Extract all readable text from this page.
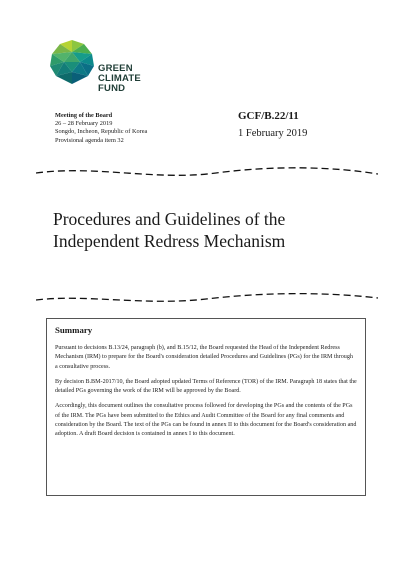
GREEN
CLIMATE
FUND
Meeting of the Board
26 – 28 February 2019
Songdo, Incheon, Republic of Korea
Provisional agenda item 32
GCF/B.22/11
1 February 2019
Procedures and Guidelines of the
Independent Redress Mechanism
Summary

Pursuant to decisions B.13/24, paragraph (b), and B.15/12, the Board requested the Head of the Independent Redress Mechanism (IRM) to prepare for the Board's consideration detailed Procedures and Guidelines (PGs) for the IRM through a consultative process.

By decision B.BM-2017/10, the Board adopted updated Terms of Reference (TOR) of the IRM. Paragraph 18 states that the detailed PGs governing the work of the IRM will be approved by the Board.

Accordingly, this document outlines the consultative process followed for developing the PGs and the contents of the PGs of the IRM. The PGs have been submitted to the Ethics and Audit Committee of the Board for any final comments and consideration by the Board. The text of the PGs can be found in annex II to this document for the Board's consideration and adoption. A draft Board decision is contained in annex I to this document.
